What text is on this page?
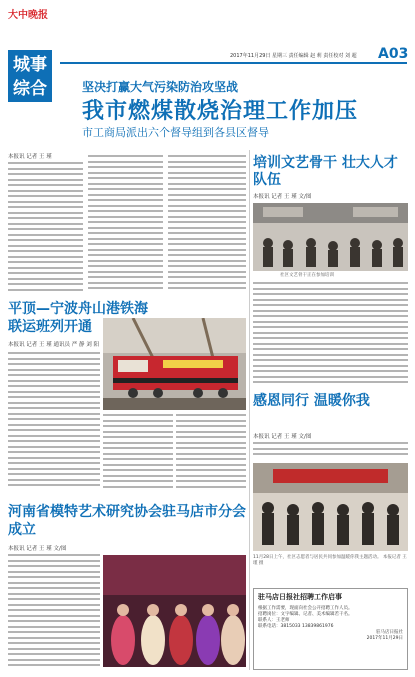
大中晚报
城事
综合
2017年11月29日 星期三 责任编辑 赵 莉 责任校对 刘 超	A03
坚决打赢大气污染防治攻坚战
我市燃煤散烧治理工作加压
市工商局派出六个督导组到各县区督导
本报讯 记者 王 瑾	培训文艺骨干 壮大人才队伍
本报讯 记者 王 瑾 文/图
社区文艺骨干正在参加培训
平顶—宁波舟山港铁海联运班列开通
本报讯 记者 王 瑾 通讯员 严 静 刘 阳
感恩同行 温暖你我
本报讯 记者 王 瑾 文/图
11月28日上午，社区志愿者与居民共同参加温暖你我主题活动。 本报记者 王瑾 摄
河南省模特艺术研究协会驻马店市分会成立
本报讯 记者 王 瑾 文/图
驻马店日报社招聘工作启事
根据工作需要，现面向社会公开招聘工作人员。
招聘岗位：文字编辑、记者、美术编辑若干名。
联系人：王老师
联系电话：3815033 13839861976
驻马店日报社
2017年11月29日
